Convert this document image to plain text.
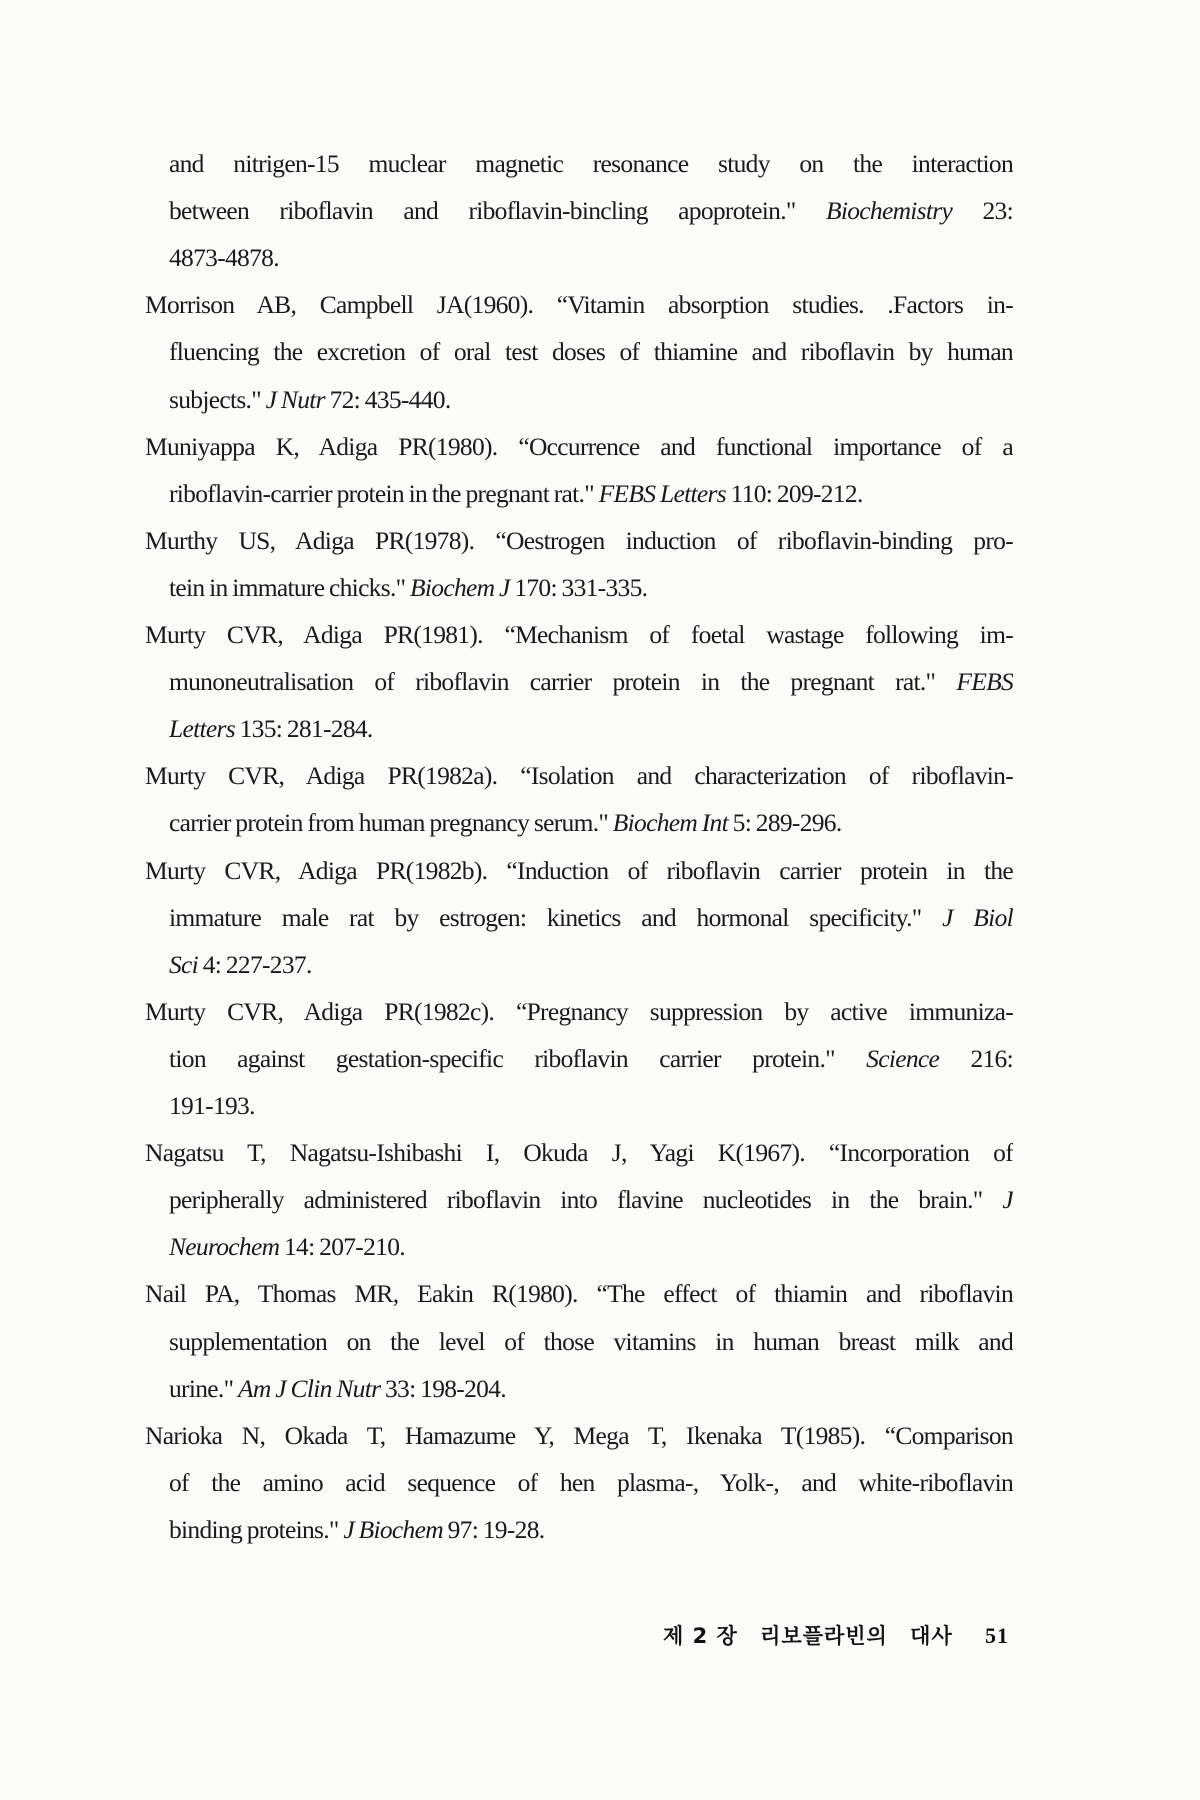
and nitrigen-15 muclear magnetic resonance study on the interaction
between riboflavin and riboflavin-bincling apoprotein." Biochemistry 23:
4873-4878.
Morrison AB, Campbell JA(1960). “Vitamin absorption studies. .Factors in-
fluencing the excretion of oral test doses of thiamine and riboflavin by human
subjects." J Nutr 72: 435-440.
Muniyappa K, Adiga PR(1980). “Occurrence and functional importance of a
riboflavin-carrier protein in the pregnant rat." FEBS Letters 110: 209-212.
Murthy US, Adiga PR(1978). “Oestrogen induction of riboflavin-binding pro-
tein in immature chicks." Biochem J 170: 331-335.
Murty CVR, Adiga PR(1981). “Mechanism of foetal wastage following im-
munoneutralisation of riboflavin carrier protein in the pregnant rat." FEBS
Letters 135: 281-284.
Murty CVR, Adiga PR(1982a). “Isolation and characterization of riboflavin-
carrier protein from human pregnancy serum." Biochem Int 5: 289-296.
Murty CVR, Adiga PR(1982b). “Induction of riboflavin carrier protein in the
immature male rat by estrogen: kinetics and hormonal specificity." J Biol
Sci 4: 227-237.
Murty CVR, Adiga PR(1982c). “Pregnancy suppression by active immuniza-
tion against gestation-specific riboflavin carrier protein." Science 216:
191-193.
Nagatsu T, Nagatsu-Ishibashi I, Okuda J, Yagi K(1967). “Incorporation of
peripherally administered riboflavin into flavine nucleotides in the brain." J
Neurochem 14: 207-210.
Nail PA, Thomas MR, Eakin R(1980). “The effect of thiamin and riboflavin
supplementation on the level of those vitamins in human breast milk and
urine." Am J Clin Nutr 33: 198-204.
Narioka N, Okada T, Hamazume Y, Mega T, Ikenaka T(1985). “Comparison
of the amino acid sequence of hen plasma-, Yolk-, and white-riboflavin
binding proteins." J Biochem 97: 19-28.
제 2 장 리보플라빈의 대사 51
